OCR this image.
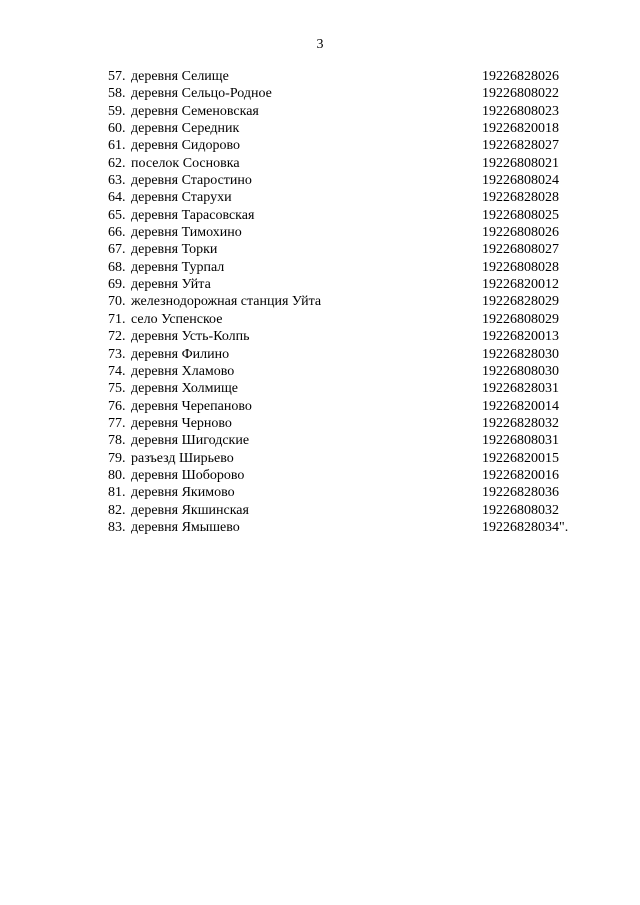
3
57. деревня Селище	19226828026
58. деревня Сельцо-Родное	19226808022
59. деревня Семеновская	19226808023
60. деревня Середник	19226820018
61. деревня Сидорово	19226828027
62. поселок Сосновка	19226808021
63. деревня Старостино	19226808024
64. деревня Старухи	19226828028
65. деревня Тарасовская	19226808025
66. деревня Тимохино	19226808026
67. деревня Торки	19226808027
68. деревня Турпал	19226808028
69. деревня Уйта	19226820012
70. железнодорожная станция Уйта	19226828029
71. село Успенское	19226808029
72. деревня Усть-Колпь	19226820013
73. деревня Филино	19226828030
74. деревня Хламово	19226808030
75. деревня Холмище	19226828031
76. деревня Черепаново	19226820014
77. деревня Черново	19226828032
78. деревня Шигодские	19226808031
79. разъезд Ширьево	19226820015
80. деревня Шоборово	19226820016
81. деревня Якимово	19226828036
82. деревня Якшинская	19226808032
83. деревня Ямышево	19226828034".
